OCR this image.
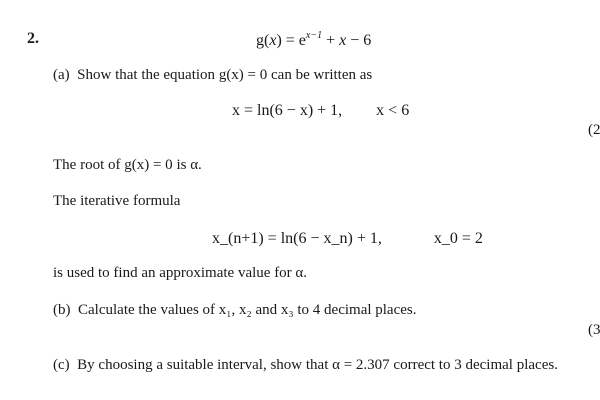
2.	$g(x) = e^{x-1} + x - 6$
(a) Show that the equation g(x) = 0 can be written as
x = ln(6 − x) + 1, x < 6
(2
The root of g(x) = 0 is α.
The iterative formula
x_(n+1) = ln(6 − x_n) + 1,	x_0 = 2
is used to find an approximate value for α.
(b) Calculate the values of x₁, x₂ and x₃ to 4 decimal places.
(3
(c) By choosing a suitable interval, show that α = 2.307 correct to 3 decimal places.
